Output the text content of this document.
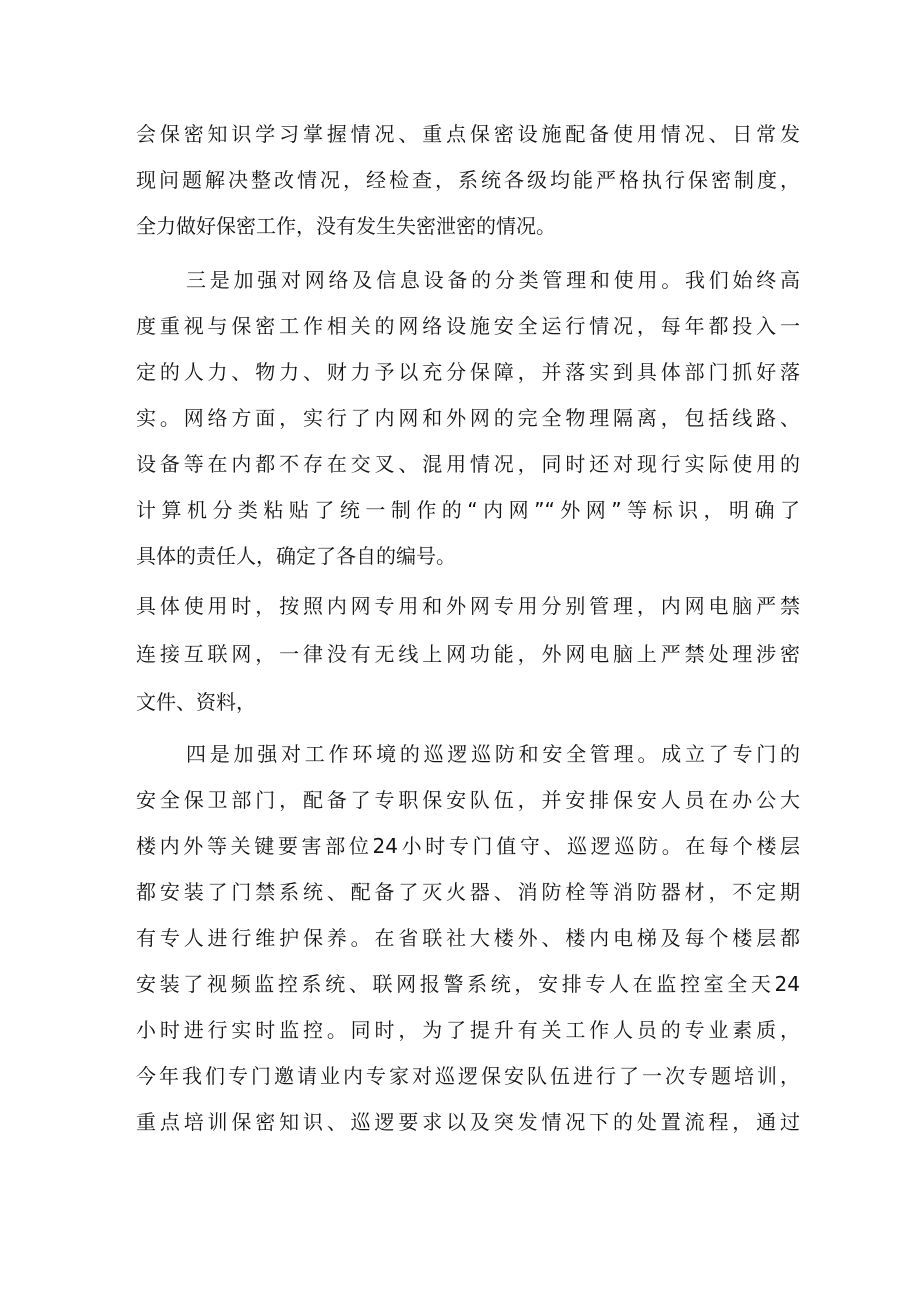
会保密知识学习掌握情况、重点保密设施配备使用情况、日常发

现问题解决整改情况，经检查，系统各级均能严格执行保密制度，

全力做好保密工作，没有发生失密泄密的情况。

三是加强对网络及信息设备的分类管理和使用。我们始终高

度重视与保密工作相关的网络设施安全运行情况，每年都投入一

定的人力、物力、财力予以充分保障，并落实到具体部门抓好落

实。网络方面，实行了内网和外网的完全物理隔离，包括线路、

设备等在内都不存在交叉、混用情况，同时还对现行实际使用的

计算机分类粘贴了统一制作的“内网”“外网”等标识，明确了

具体的责任人，确定了各自的编号。

具体使用时，按照内网专用和外网专用分别管理，内网电脑严禁

连接互联网，一律没有无线上网功能，外网电脑上严禁处理涉密

文件、资料，

四是加强对工作环境的巡逻巡防和安全管理。成立了专门的

安全保卫部门，配备了专职保安队伍，并安排保安人员在办公大

楼内外等关键要害部位24小时专门值守、巡逻巡防。在每个楼层

都安装了门禁系统、配备了灭火器、消防栓等消防器材，不定期

有专人进行维护保养。在省联社大楼外、楼内电梯及每个楼层都

安装了视频监控系统、联网报警系统，安排专人在监控室全天24

小时进行实时监控。同时，为了提升有关工作人员的专业素质，

今年我们专门邀请业内专家对巡逻保安队伍进行了一次专题培训，

重点培训保密知识、巡逻要求以及突发情况下的处置流程，通过
